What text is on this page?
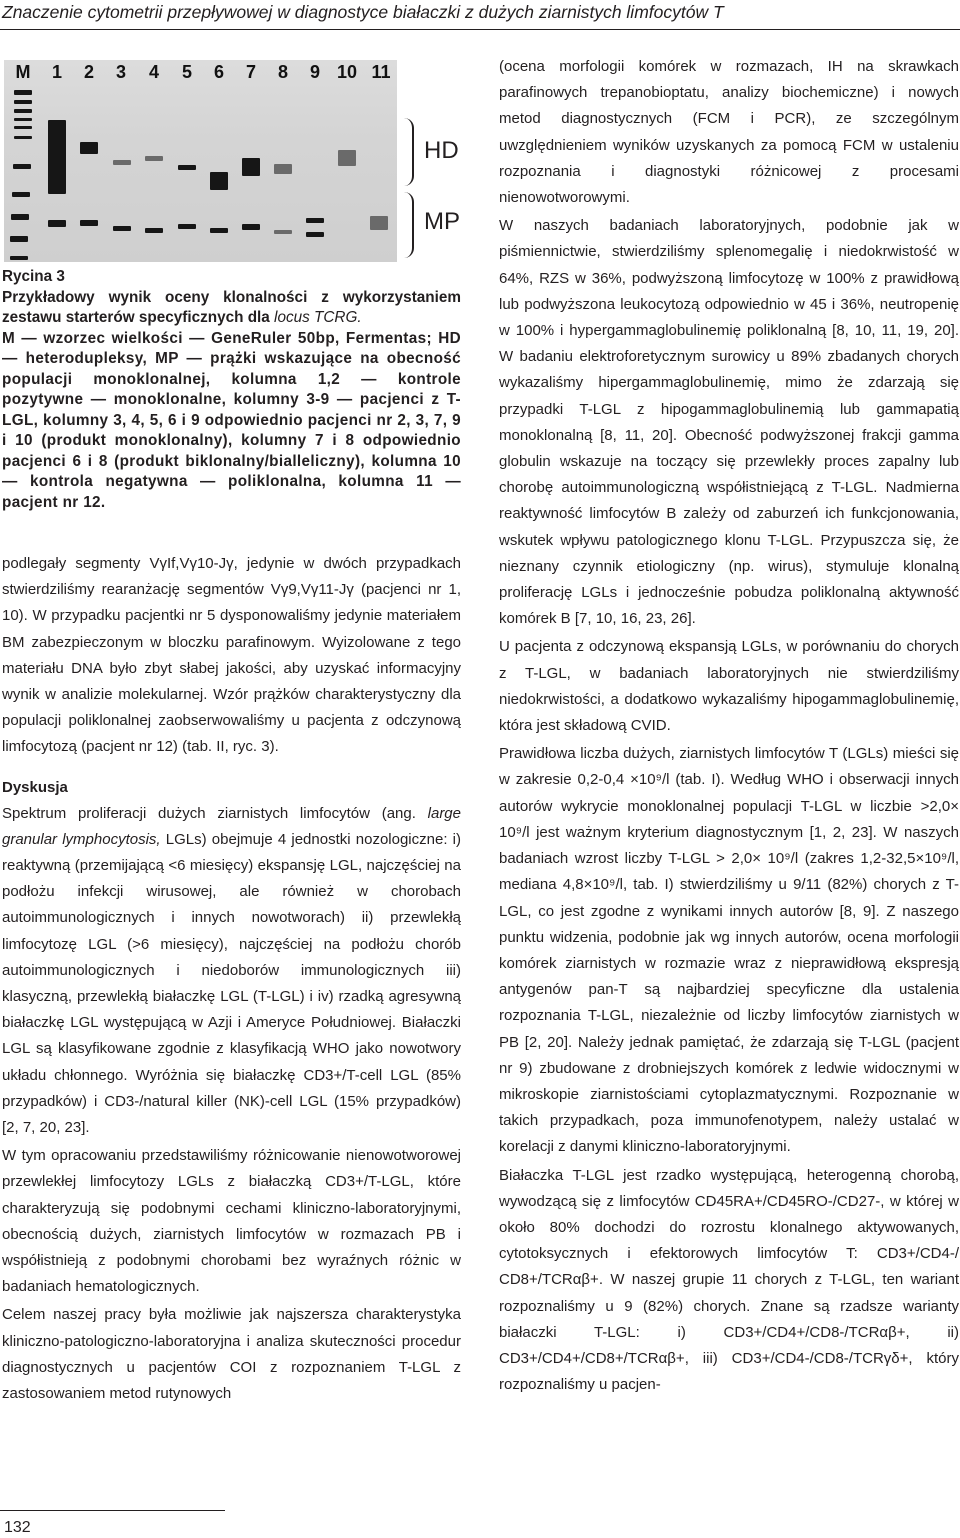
Znaczenie cytometrii przepływowej w diagnostyce białaczki z dużych ziarnistych limfocytów T
M	1	2	3	4	5	6	7	8	9 10 11
HD
MP
Rycina 3
Przykładowy wynik oceny klonalności z wykorzystaniem zestawu starterów specyficznych dla locus TCRG.
M — wzorzec wielkości — GeneRuler 50bp, Fermentas; HD — heterodupleksy, MP — prążki wskazujące na obecność populacji monoklonalnej, kolumna 1,2 — kontrole pozytywne — monoklonalne, kolumny 3-9 — pacjenci z T-LGL, kolumny 3, 4, 5, 6 i 9 odpowiednio pacjenci nr 2, 3, 7, 9 i 10 (produkt monoklonalny), kolumny 7 i 8 odpowiednio pacjenci 6 i 8 (produkt biklonalny/bialleliczny), kolumna 10 — kontrola negatywna — poliklonalna, kolumna 11 — pacjent nr 12.

podlegały segmenty VγIf,Vγ10-Jγ, jedynie w dwóch przypadkach stwierdziliśmy rearanżację segmentów Vγ9,Vγ11-Jγ (pacjenci nr 1, 10). W przypadku pacjentki nr 5 dysponowaliśmy jedynie materiałem BM zabezpieczonym w bloczku parafinowym. Wyizolowane z tego materiału DNA było zbyt słabej jakości, aby uzyskać informacyjny wynik w analizie molekularnej. Wzór prążków charakterystyczny dla populacji poliklonalnej zaobserwowaliśmy u pacjenta z odczynową limfocytozą (pacjent nr 12) (tab. II, ryc. 3).

Dyskusja

Spektrum proliferacji dużych ziarnistych limfocytów (ang. large granular lymphocytosis, LGLs) obejmuje 4 jednostki nozologiczne: i) reaktywną (przemijającą <6 miesięcy) ekspansję LGL, najczęściej na podłożu infekcji wirusowej, ale również w chorobach autoimmunologicznych i innych nowotworach) ii) przewlekłą limfocytozę LGL (>6 miesięcy), najczęściej na podłożu chorób autoimmunologicznych i niedoborów immunologicznych iii) klasyczną, przewlekłą białaczkę LGL (T-LGL) i iv) rzadką agresywną białaczkę LGL występującą w Azji i Ameryce Południowej. Białaczki LGL są klasyfikowane zgodnie z klasyfikacją WHO jako nowotwory układu chłonnego. Wyróżnia się białaczkę CD3+/T-cell LGL (85% przypadków) i CD3-/natural killer (NK)-cell LGL (15% przypadków) [2, 7, 20, 23].

W tym opracowaniu przedstawiliśmy różnicowanie nienowotworowej przewlekłej limfocytozy LGLs z białaczką CD3+/T-LGL, które charakteryzują się podobnymi cechami kliniczno-laboratoryjnymi, obecnością dużych, ziarnistych limfocytów w rozmazach PB i współistnieją z podobnymi chorobami bez wyraźnych różnic w badaniach hematologicznych.

Celem naszej pracy była możliwie jak najszersza charakterystyka kliniczno-patologiczno-laboratoryjna i analiza skuteczności procedur diagnostycznych u pacjentów COI z rozpoznaniem T-LGL z zastosowaniem metod rutynowych

(ocena morfologii komórek w rozmazach, IH na skrawkach parafinowych trepanobioptatu, analizy biochemiczne) i nowych metod diagnostycznych (FCM i PCR), ze szczególnym uwzględnieniem wyników uzyskanych za pomocą FCM w ustaleniu rozpoznania i diagnostyki różnicowej z procesami nienowotworowymi.

W naszych badaniach laboratoryjnych, podobnie jak w piśmiennictwie, stwierdziliśmy splenomegalię i niedokrwistość w 64%, RZS w 36%, podwyższoną limfocytozę w 100% z prawidłową lub podwyższona leukocytozą odpowiednio w 45 i 36%, neutropenię w 100% i hypergammaglobulinemię poliklonalną [8, 10, 11, 19, 20]. W badaniu elektroforetycznym surowicy u 89% zbadanych chorych wykazaliśmy hipergammaglobulinemię, mimo że zdarzają się przypadki T-LGL z hipogammaglobulinemią lub gammapatią monoklonalną [8, 11, 20]. Obecność podwyższonej frakcji gamma globulin wskazuje na toczący się przewlekły proces zapalny lub chorobę autoimmunologiczną współistniejącą z T-LGL. Nadmierna reaktywność limfocytów B zależy od zaburzeń ich funkcjonowania, wskutek wpływu patologicznego klonu T-LGL. Przypuszcza się, że nieznany czynnik etiologiczny (np. wirus), stymuluje klonalną proliferację LGLs i jednocześnie pobudza poliklonalną aktywność komórek B [7, 10, 16, 23, 26].

U pacjenta z odczynową ekspansją LGLs, w porównaniu do chorych z T-LGL, w badaniach laboratoryjnych nie stwierdziliśmy niedokrwistości, a dodatkowo wykazaliśmy hipogammaglobulinemię, która jest składową CVID.

Prawidłowa liczba dużych, ziarnistych limfocytów T (LGLs) mieści się w zakresie 0,2-0,4 ×10⁹/l (tab. I). Według WHO i obserwacji innych autorów wykrycie monoklonalnej populacji T-LGL w liczbie >2,0× 10⁹/l jest ważnym kryterium diagnostycznym [1, 2, 23]. W naszych badaniach wzrost liczby T-LGL > 2,0× 10⁹/l (zakres 1,2-32,5×10⁹/l, mediana 4,8×10⁹/l, tab. I) stwierdziliśmy u 9/11 (82%) chorych z T-LGL, co jest zgodne z wynikami innych autorów [8, 9]. Z naszego punktu widzenia, podobnie jak wg innych autorów, ocena morfologii komórek ziarnistych w rozmazie wraz z nieprawidłową ekspresją antygenów pan-T są najbardziej specyficzne dla ustalenia rozpoznania T-LGL, niezależnie od liczby limfocytów ziarnistych w PB [2, 20]. Należy jednak pamiętać, że zdarzają się T-LGL (pacjent nr 9) zbudowane z drobniejszych komórek z ledwie widocznymi w mikroskopie ziarnistościami cytoplazmatycznymi. Rozpoznanie w takich przypadkach, poza immunofenotypem, należy ustalać w korelacji z danymi kliniczno-laboratoryjnymi.

Białaczka T-LGL jest rzadko występującą, heterogenną chorobą, wywodzącą się z limfocytów CD45RA+/CD45RO-/CD27-, w której w około 80% dochodzi do rozrostu klonalnego aktywowanych, cytotoksycznych i efektorowych limfocytów T: CD3+/CD4-/ CD8+/TCRαβ+. W naszej grupie 11 chorych z T-LGL, ten wariant rozpoznaliśmy u 9 (82%) chorych. Znane są rzadsze warianty białaczki T-LGL: i) CD3+/CD4+/CD8-/TCRαβ+, ii) CD3+/CD4+/CD8+/TCRαβ+, iii) CD3+/CD4-/CD8-/TCRγδ+, który rozpoznaliśmy u pacjen-

132
